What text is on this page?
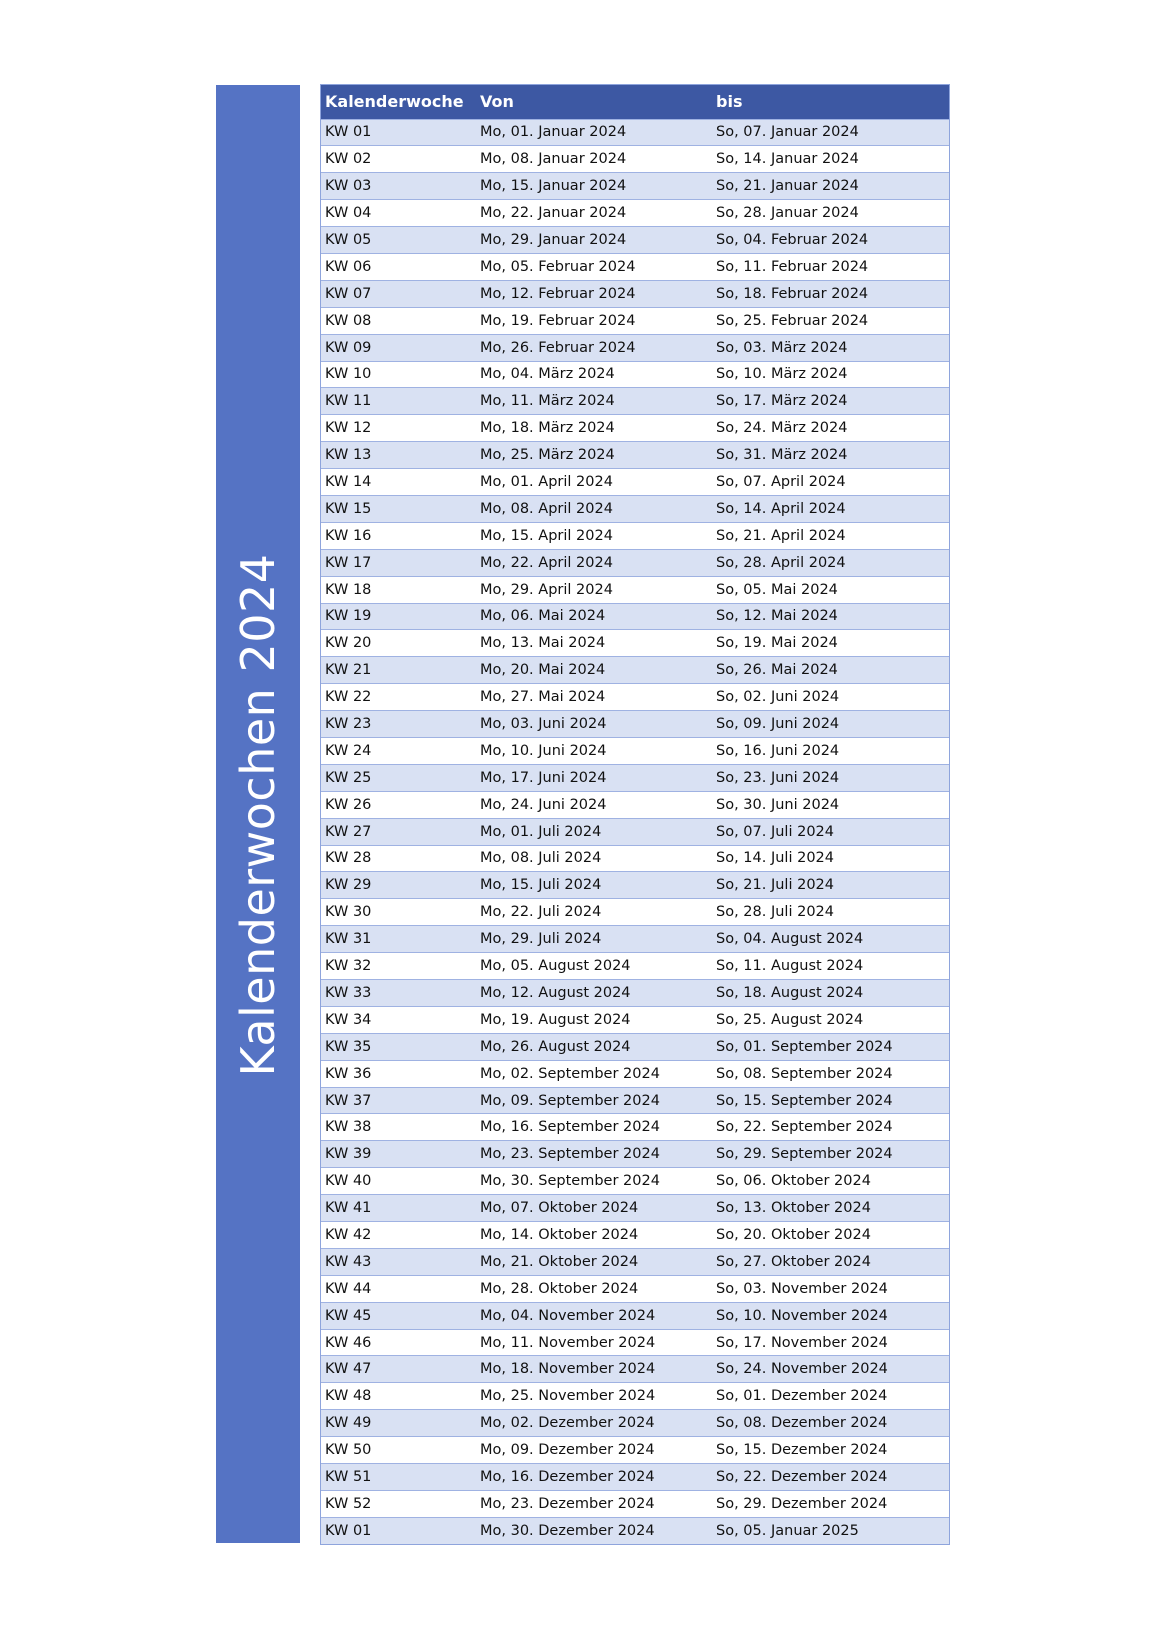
Kalenderwochen 2024
Kalenderwoche	Von	bis
KW 01	Mo, 01. Januar 2024	So, 07. Januar 2024
KW 02	Mo, 08. Januar 2024	So, 14. Januar 2024
KW 03	Mo, 15. Januar 2024	So, 21. Januar 2024
KW 04	Mo, 22. Januar 2024	So, 28. Januar 2024
KW 05	Mo, 29. Januar 2024	So, 04. Februar 2024
KW 06	Mo, 05. Februar 2024	So, 11. Februar 2024
KW 07	Mo, 12. Februar 2024	So, 18. Februar 2024
KW 08	Mo, 19. Februar 2024	So, 25. Februar 2024
KW 09	Mo, 26. Februar 2024	So, 03. März 2024
KW 10	Mo, 04. März 2024	So, 10. März 2024
KW 11	Mo, 11. März 2024	So, 17. März 2024
KW 12	Mo, 18. März 2024	So, 24. März 2024
KW 13	Mo, 25. März 2024	So, 31. März 2024
KW 14	Mo, 01. April 2024	So, 07. April 2024
KW 15	Mo, 08. April 2024	So, 14. April 2024
KW 16	Mo, 15. April 2024	So, 21. April 2024
KW 17	Mo, 22. April 2024	So, 28. April 2024
KW 18	Mo, 29. April 2024	So, 05. Mai 2024
KW 19	Mo, 06. Mai 2024	So, 12. Mai 2024
KW 20	Mo, 13. Mai 2024	So, 19. Mai 2024
KW 21	Mo, 20. Mai 2024	So, 26. Mai 2024
KW 22	Mo, 27. Mai 2024	So, 02. Juni 2024
KW 23	Mo, 03. Juni 2024	So, 09. Juni 2024
KW 24	Mo, 10. Juni 2024	So, 16. Juni 2024
KW 25	Mo, 17. Juni 2024	So, 23. Juni 2024
KW 26	Mo, 24. Juni 2024	So, 30. Juni 2024
KW 27	Mo, 01. Juli 2024	So, 07. Juli 2024
KW 28	Mo, 08. Juli 2024	So, 14. Juli 2024
KW 29	Mo, 15. Juli 2024	So, 21. Juli 2024
KW 30	Mo, 22. Juli 2024	So, 28. Juli 2024
KW 31	Mo, 29. Juli 2024	So, 04. August 2024
KW 32	Mo, 05. August 2024	So, 11. August 2024
KW 33	Mo, 12. August 2024	So, 18. August 2024
KW 34	Mo, 19. August 2024	So, 25. August 2024
KW 35	Mo, 26. August 2024	So, 01. September 2024
KW 36	Mo, 02. September 2024	So, 08. September 2024
KW 37	Mo, 09. September 2024	So, 15. September 2024
KW 38	Mo, 16. September 2024	So, 22. September 2024
KW 39	Mo, 23. September 2024	So, 29. September 2024
KW 40	Mo, 30. September 2024	So, 06. Oktober 2024
KW 41	Mo, 07. Oktober 2024	So, 13. Oktober 2024
KW 42	Mo, 14. Oktober 2024	So, 20. Oktober 2024
KW 43	Mo, 21. Oktober 2024	So, 27. Oktober 2024
KW 44	Mo, 28. Oktober 2024	So, 03. November 2024
KW 45	Mo, 04. November 2024	So, 10. November 2024
KW 46	Mo, 11. November 2024	So, 17. November 2024
KW 47	Mo, 18. November 2024	So, 24. November 2024
KW 48	Mo, 25. November 2024	So, 01. Dezember 2024
KW 49	Mo, 02. Dezember 2024	So, 08. Dezember 2024
KW 50	Mo, 09. Dezember 2024	So, 15. Dezember 2024
KW 51	Mo, 16. Dezember 2024	So, 22. Dezember 2024
KW 52	Mo, 23. Dezember 2024	So, 29. Dezember 2024
KW 01	Mo, 30. Dezember 2024	So, 05. Januar 2025
